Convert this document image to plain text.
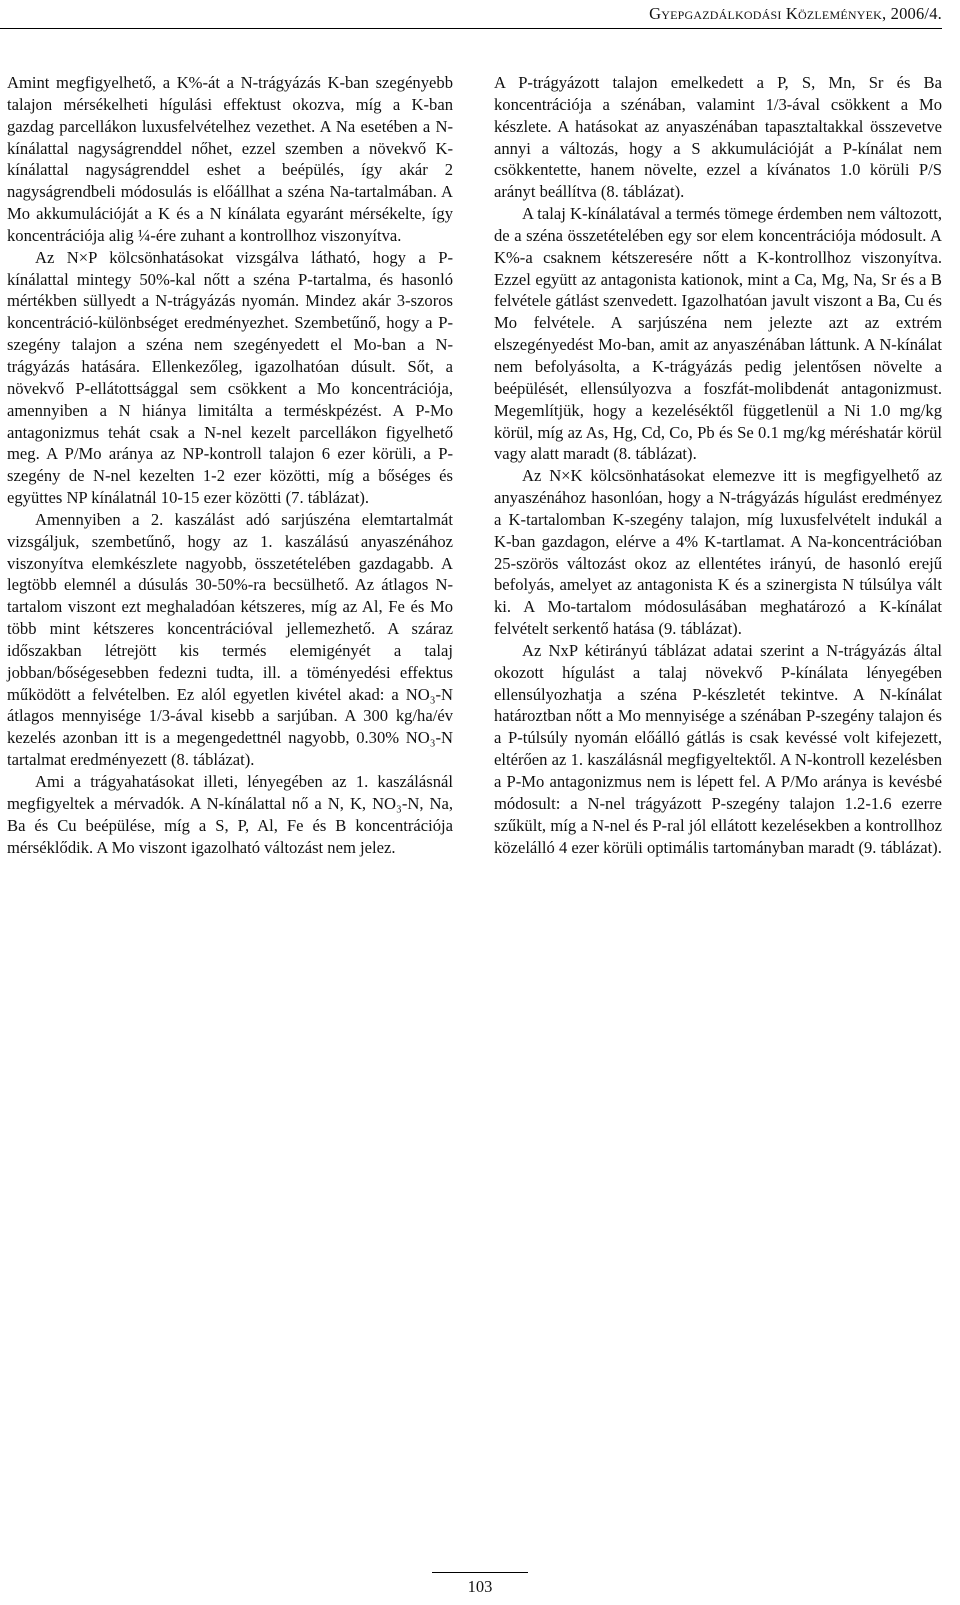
Gyepgazdálkodási Közlemények, 2006/4.

Amint megfigyelhető, a K%-át a N-trágyázás K-ban szegényebb talajon mérsékelheti hígulási effektust okozva, míg a K-ban gazdag parcellákon luxusfelvételhez vezethet. A Na esetében a N-kínálattal nagyságrenddel nőhet, ezzel szemben a növekvő K-kínálattal nagyságrenddel eshet a beépülés, így akár 2 nagyságrendbeli módosulás is előállhat a széna Na-tartalmában. A Mo akkumulációját a K és a N kínálata egyaránt mérsékelte, így koncentrációja alig ¼-ére zuhant a kontrollhoz viszonyítva.

Az N×P kölcsönhatásokat vizsgálva látható, hogy a P-kínálattal mintegy 50%-kal nőtt a széna P-tartalma, és hasonló mértékben süllyedt a N-trágyázás nyomán. Mindez akár 3-szoros koncentráció-különbséget eredményezhet. Szembetűnő, hogy a P-szegény talajon a széna nem szegényedett el Mo-ban a N-trágyázás hatására. Ellenkezőleg, igazolhatóan dúsult. Sőt, a növekvő P-ellátottsággal sem csökkent a Mo koncentrációja, amennyiben a N hiánya limitálta a terméskpézést. A P-Mo antagonizmus tehát csak a N-nel kezelt parcellákon figyelhető meg. A P/Mo aránya az NP-kontroll talajon 6 ezer körüli, a P-szegény de N-nel kezelten 1-2 ezer közötti, míg a bőséges és együttes NP kínálatnál 10-15 ezer közötti (7. táblázat).

Amennyiben a 2. kaszálást adó sarjúszéna elemtartalmát vizsgáljuk, szembetűnő, hogy az 1. kaszálású anyaszénához viszonyítva elemkészlete nagyobb, összetételében gazdagabb. A legtöbb elemnél a dúsulás 30-50%-ra becsülhető. Az átlagos N-tartalom viszont ezt meghaladóan kétszeres, míg az Al, Fe és Mo több mint kétszeres koncentrációval jellemezhető. A száraz időszakban létrejött kis termés elemigényét a talaj jobban/bőségesebben fedezni tudta, ill. a töményedési effektus működött a felvételben. Ez alól egyetlen kivétel akad: a NO₃-N átlagos mennyisége 1/3-ával kisebb a sarjúban. A 300 kg/ha/év kezelés azonban itt is a megengedettnél nagyobb, 0.30% NO₃-N tartalmat eredményezett (8. táblázat).

Ami a trágyahatásokat illeti, lényegében az 1. kaszálásnál megfigyeltek a mérvadók. A N-kínálattal nő a N, K, NO₃-N, Na, Ba és Cu beépülése, míg a S, P, Al, Fe és B koncentrációja mérséklődik. A Mo viszont igazolható változást nem jelez.

A P-trágyázott talajon emelkedett a P, S, Mn, Sr és Ba koncentrációja a szénában, valamint 1/3-ával csökkent a Mo készlete. A hatásokat az anyaszénában tapasztaltakkal összevetve annyi a változás, hogy a S akkumulációját a P-kínálat nem csökkentette, hanem növelte, ezzel a kívánatos 1.0 körüli P/S arányt beállítva (8. táblázat).

A talaj K-kínálatával a termés tömege érdemben nem változott, de a széna összetételében egy sor elem koncentrációja módosult. A K%-a csaknem kétszeresére nőtt a K-kontrollhoz viszonyítva. Ezzel együtt az antagonista kationok, mint a Ca, Mg, Na, Sr és a B felvétele gátlást szenvedett. Igazolhatóan javult viszont a Ba, Cu és Mo felvétele. A sarjúszéna nem jelezte azt az extrém elszegényedést Mo-ban, amit az anyaszénában láttunk. A N-kínálat nem befolyásolta, a K-trágyázás pedig jelentősen növelte a beépülését, ellensúlyozva a foszfát-molibdenát antagonizmust. Megemlítjük, hogy a kezeléséktől függetlenül a Ni 1.0 mg/kg körül, míg az As, Hg, Cd, Co, Pb és Se 0.1 mg/kg méréshatár körül vagy alatt maradt (8. táblázat).

Az N×K kölcsönhatásokat elemezve itt is megfigyelhető az anyaszénához hasonlóan, hogy a N-trágyázás hígulást eredményez a K-tartalomban K-szegény talajon, míg luxusfelvételt indukál a K-ban gazdagon, elérve a 4% K-tartlamat. A Na-koncentrációban 25-szörös változást okoz az ellentétes irányú, de hasonló erejű befolyás, amelyet az antagonista K és a szinergista N túlsúlya vált ki. A Mo-tartalom módosulásában meghatározó a K-kínálat felvételt serkentő hatása (9. táblázat).

Az NxP kétirányú táblázat adatai szerint a N-trágyázás által okozott hígulást a talaj növekvő P-kínálata lényegében ellensúlyozhatja a széna P-készletét tekintve. A N-kínálat határoztban nőtt a Mo mennyisége a szénában P-szegény talajon és a P-túlsúly nyomán előálló gátlás is csak kevéssé volt kifejezett, eltérően az 1. kaszálásnál megfigyeltektől. A N-kontroll kezelésben a P-Mo antagonizmus nem is lépett fel. A P/Mo aránya is kevésbé módosult: a N-nel trágyázott P-szegény talajon 1.2-1.6 ezerre szűkült, míg a N-nel és P-ral jól ellátott kezelésekben a kontrollhoz közelálló 4 ezer körüli optimális tartományban maradt (9. táblázat).

103
